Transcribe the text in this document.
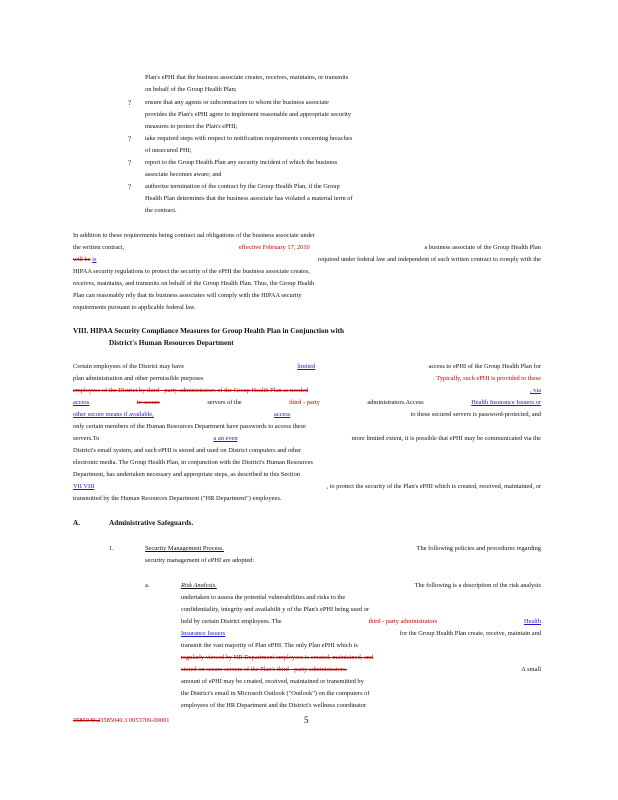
Plan's ePHI that the business associate creates, receives, maintains, or transmits
on behalf of the Group Health Plan;
? ensure that any agents or subcontractors to whom the business associate
provides the Plan's ePHI agree to implement reasonable and appropriate security
measures to protect the Plan's ePHI;
? take required steps with respect to notification requirements concerning breaches
of unsecured PHI;
? report to the Group Health Plan any security incident of which the business
associate becomes aware; and
? authorize termination of the contract by the Group Health Plan, if the Group
Health Plan determines that the business associate has violated a material term of
the contract.
In addition to these requirements being contract ual obligations of the business associate under
the written contract,	effective February 17, 2010	a business associate of the Group Health Plan
will be is	required under federal law and independent of such written contract to comply with the
HIPAA security regulations to protect the security of the ePHI the business associate creates,
receives, maintains, and transmits on behalf of the Group Health Plan. Thus, the Group Health
Plan can reasonably rely that its business associates will comply with the HIPAA security
requirements pursuant to applicable federal law.
VIII. HIPAA Security Compliance Measures for Group Health Plan in Conjunction with
District's Human Resources Department
Certain employees of the District may have	limited	access to ePHI of the Group Health Plan for
plan administration and other permissible purposes	. Typically, such ePHI is provided to these
employees of the District by third - party administrators of the Group Health Plan as needed	, via
access	to secure	servers of the	third - party	administrators.Access	Health Insurance Issuers or
other secure means if available,	access	to these secured servers is password-protected, and
only certain members of the Human Resources Department have passwords to access these
servers.To	a an even	more limited extent, it is possible that ePHI may be communicated via the
District's email system, and such ePHI is stored and used on District computers and other
electronic media. The Group Health Plan, in conjunction with the District's Human Resources
Department, has undertaken necessary and appropriate steps, as described in this Section
VII VIII	, to protect the security of the Plan's ePHI which is created, received, maintained, or
transmitted by the Human Resources Department ("HR Department") employees.
A.	Administrative Safeguards.
1.	Security Management Process.	The following policies and procedures regarding
security management of ePHI are adopted:
a.	Risk Analysis.	The following is a description of the risk analysis
undertaken to assess the potential vulnerabilities and risks to the
confidentiality, integrity and availabilit y of the Plan's ePHI being used or
held by certain District employees. The	third - party administrators	Health
Insurance Issuers	for the Group Health Plan create, receive, maintain and
transmit the vast majority of Plan ePHI. The only Plan ePHI which is
regularly viewed by HR Department employees is created, maintained, and
stored on secure servers of the Plan's third - party administrators.	A small
amount of ePHI may be created, received, maintained or transmitted by
the District's email in Microsoft Outlook ("Outlook") on the computers of
employees of the HR Department and the District's wellness coordinator
3585040.23585040.3 0053709-00001	5
